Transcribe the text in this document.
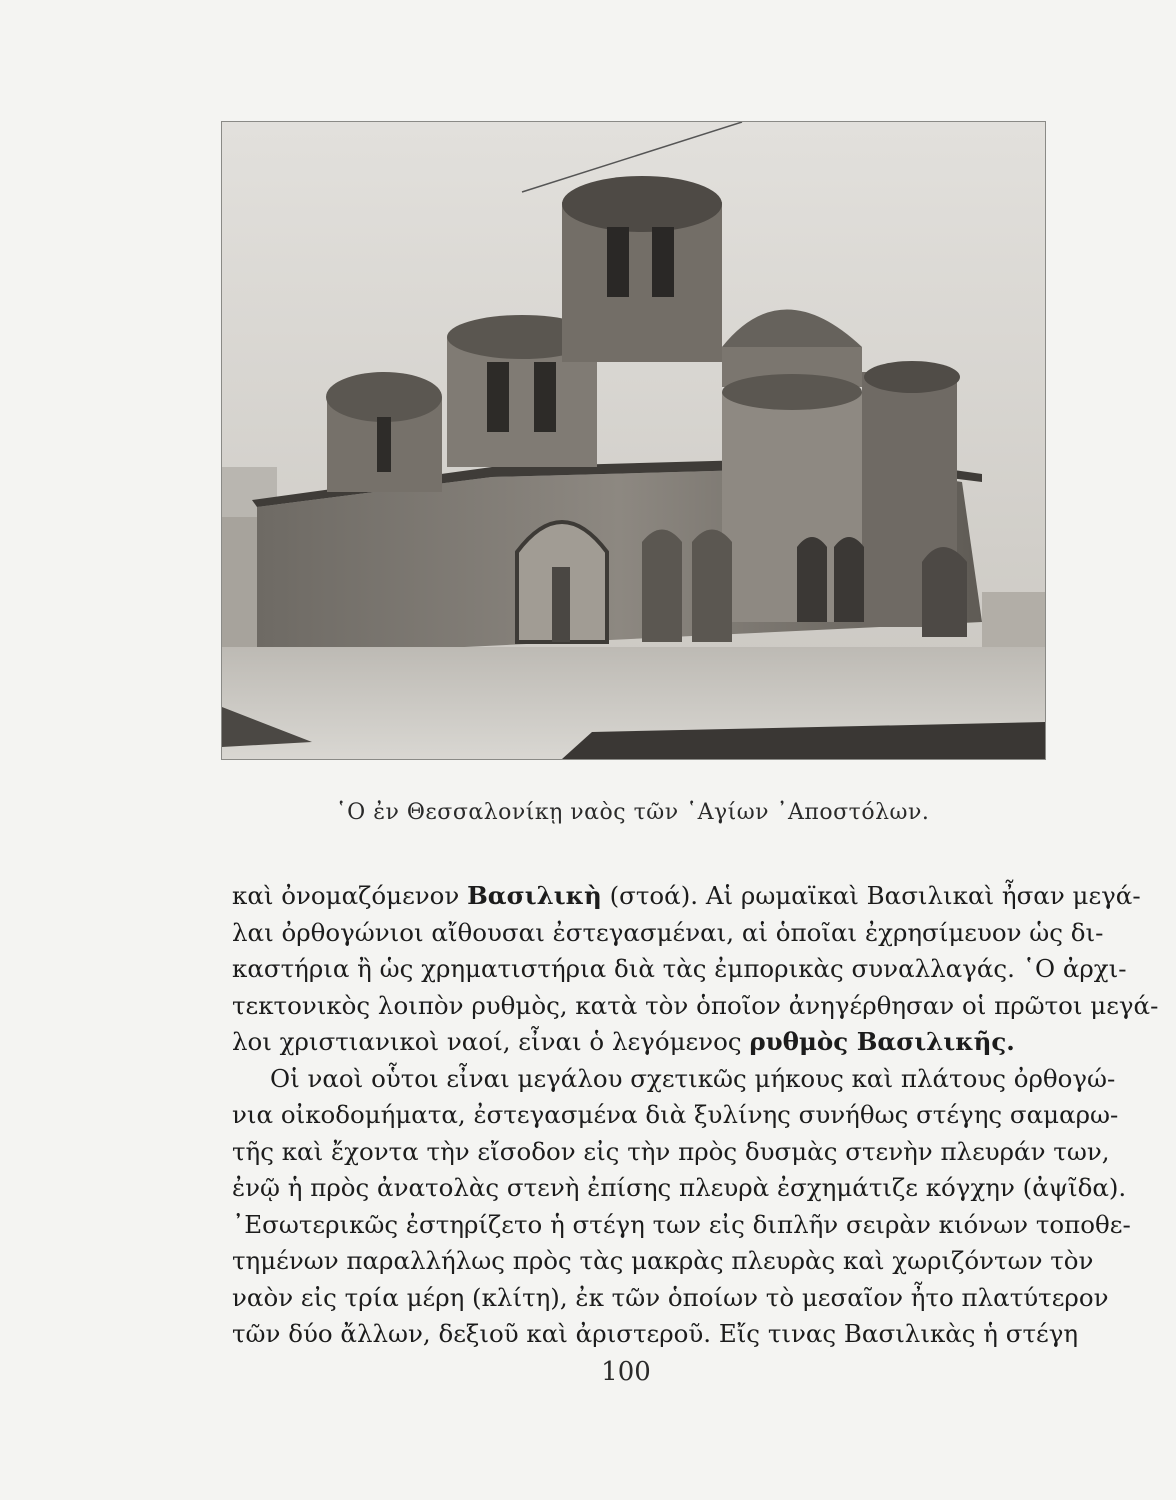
῾Ο ἐν Θεσσαλονίκῃ ναὸς τῶν ῾Αγίων ᾿Αποστόλων.
καὶ ὀνομαζόμενον Βασιλικὴ (στοά). Αἱ ρωμαϊκαὶ Βασιλικαὶ ἦσαν μεγά-
λαι ὀρθογώνιοι αἴθουσαι ἐστεγασμέναι, αἱ ὁποῖαι ἐχρησίμευον ὡς δι-
καστήρια ἢ ὡς χρηματιστήρια διὰ τὰς ἐμπορικὰς συναλλαγάς. ῾Ο ἀρχι-
τεκτονικὸς λοιπὸν ρυθμὸς, κατὰ τὸν ὁποῖον ἀνηγέρθησαν οἱ πρῶτοι μεγά-
λοι χριστιανικοὶ ναοί, εἶναι ὁ λεγόμενος ρυθμὸς Βασιλικῆς.
Οἱ ναοὶ οὗτοι εἶναι μεγάλου σχετικῶς μήκους καὶ πλάτους ὀρθογώ-
νια οἰκοδομήματα, ἐστεγασμένα διὰ ξυλίνης συνήθως στέγης σαμαρω-
τῆς καὶ ἔχοντα τὴν εἴσοδον εἰς τὴν πρὸς δυσμὰς στενὴν πλευράν των,
ἐνῷ ἡ πρὸς ἀνατολὰς στενὴ ἐπίσης πλευρὰ ἐσχημάτιζε κόγχην (ἀψῖδα).
᾿Εσωτερικῶς ἐστηρίζετο ἡ στέγη των εἰς διπλῆν σειρὰν κιόνων τοποθε-
τημένων παραλλήλως πρὸς τὰς μακρὰς πλευρὰς καὶ χωριζόντων τὸν
ναὸν εἰς τρία μέρη (κλίτη), ἐκ τῶν ὁποίων τὸ μεσαῖον ἦτο πλατύτερον
τῶν δύο ἄλλων, δεξιοῦ καὶ ἀριστεροῦ. Εἴς τινας Βασιλικὰς ἡ στέγη
100
